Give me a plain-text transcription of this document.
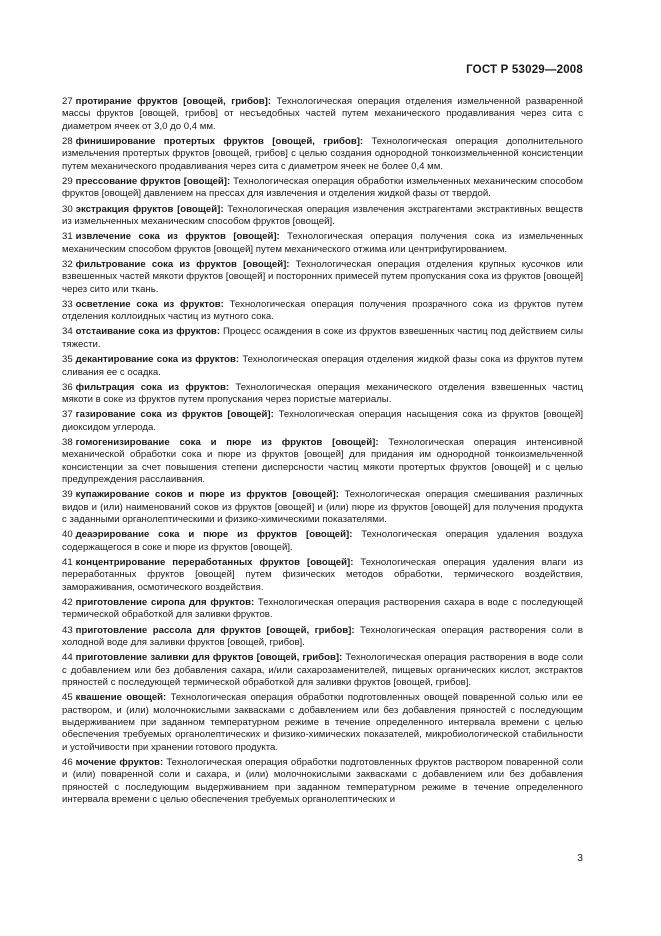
ГОСТ Р 53029—2008

27 протирание фруктов [овощей, грибов]: Технологическая операция отделения измельченной разваренной массы фруктов [овощей, грибов] от несъедобных частей путем механического продавливания через сита с диаметром ячеек от 3,0 до 0,4 мм.

28 финиширование протертых фруктов [овощей, грибов]: Технологическая операция дополнительного измельчения протертых фруктов [овощей, грибов] с целью создания однородной тонкоизмельченной консистенции путем механического продавливания через сита с диаметром ячеек не более 0,4 мм.

29 прессование фруктов [овощей]: Технологическая операция обработки измельченных механическим способом фруктов [овощей] давлением на прессах для извлечения и отделения жидкой фазы от твердой.

30 экстракция фруктов [овощей]: Технологическая операция извлечения экстрагентами экстрактивных веществ из измельченных механическим способом фруктов [овощей].

31 извлечение сока из фруктов [овощей]: Технологическая операция получения сока из измельченных механическим способом фруктов [овощей] путем механического отжима или центрифугированием.

32 фильтрование сока из фруктов [овощей]: Технологическая операция отделения крупных кусочков или взвешенных частей мякоти фруктов [овощей] и посторонних примесей путем пропускания сока из фруктов [овощей] через сито или ткань.

33 осветление сока из фруктов: Технологическая операция получения прозрачного сока из фруктов путем отделения коллоидных частиц из мутного сока.

34 отстаивание сока из фруктов: Процесс осаждения в соке из фруктов взвешенных частиц под действием силы тяжести.

35 декантирование сока из фруктов: Технологическая операция отделения жидкой фазы сока из фруктов путем сливания ее с осадка.

36 фильтрация сока из фруктов: Технологическая операция механического отделения взвешенных частиц мякоти в соке из фруктов путем пропускания через пористые материалы.

37 газирование сока из фруктов [овощей]: Технологическая операция насыщения сока из фруктов [овощей] диоксидом углерода.

38 гомогенизирование сока и пюре из фруктов [овощей]: Технологическая операция интенсивной механической обработки сока и пюре из фруктов [овощей] для придания им однородной тонкоизмельченной консистенции за счет повышения степени дисперсности частиц мякоти протертых фруктов [овощей] и с целью предупреждения расслаивания.

39 купажирование соков и пюре из фруктов [овощей]: Технологическая операция смешивания различных видов и (или) наименований соков из фруктов [овощей] и (или) пюре из фруктов [овощей] для получения продукта с заданными органолептическими и физико-химическими показателями.

40 деаэрирование сока и пюре из фруктов [овощей]: Технологическая операция удаления воздуха содержащегося в соке и пюре из фруктов [овощей].

41 концентрирование переработанных фруктов [овощей]: Технологическая операция удаления влаги из переработанных фруктов [овощей] путем физических методов обработки, термического воздействия, замораживания, осмотического воздействия.

42 приготовление сиропа для фруктов: Технологическая операция растворения сахара в воде с последующей термической обработкой для заливки фруктов.

43 приготовление рассола для фруктов [овощей, грибов]: Технологическая операция растворения соли в холодной воде для заливки фруктов [овощей, грибов].

44 приготовление заливки для фруктов [овощей, грибов]: Технологическая операция растворения в воде соли с добавлением или без добавления сахара, и/или сахарозаменителей, пищевых органических кислот, экстрактов пряностей с последующей термической обработкой для заливки фруктов [овощей, грибов].

45 квашение овощей: Технологическая операция обработки подготовленных овощей поваренной солью или ее раствором, и (или) молочнокислыми заквасками с добавлением или без добавления пряностей с последующим выдерживанием при заданном температурном режиме в течение определенного интервала времени с целью обеспечения требуемых органолептических и физико-химических показателей, микробиологической стабильности и устойчивости при хранении готового продукта.

46 мочение фруктов: Технологическая операция обработки подготовленных фруктов раствором поваренной соли и (или) поваренной соли и сахара, и (или) молочнокислыми заквасками с добавлением или без добавления пряностей с последующим выдерживанием при заданном температурном режиме в течение определенного интервала времени с целью обеспечения требуемых органолептических и

3
